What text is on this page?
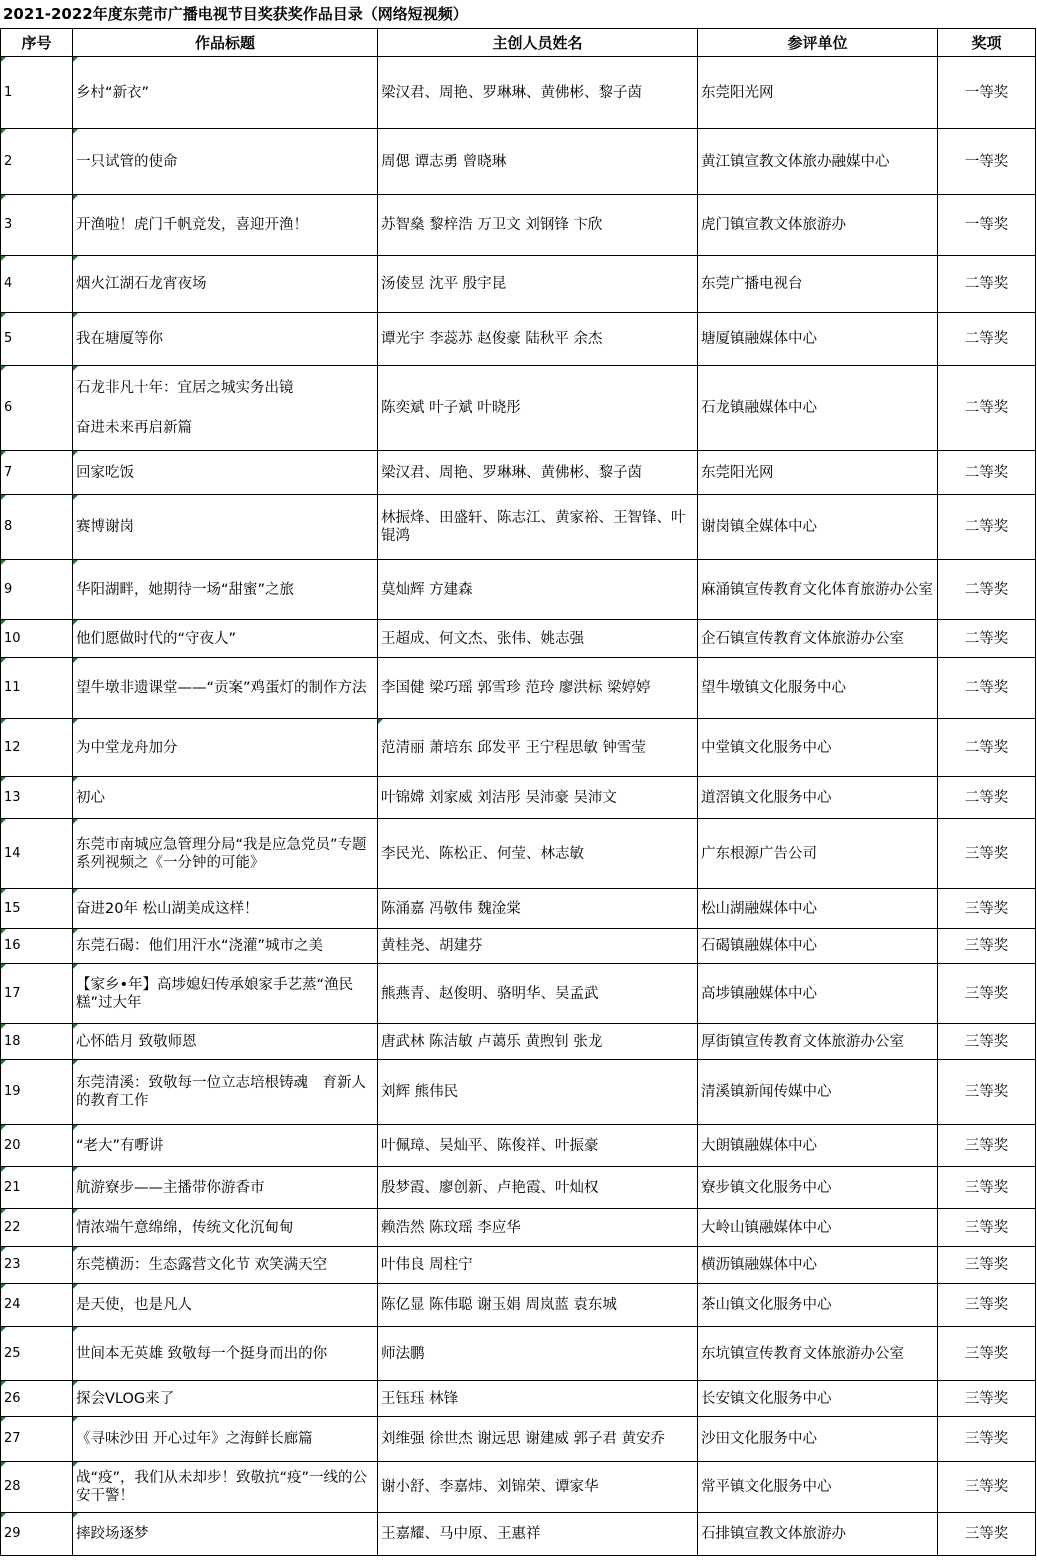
2021-2022年度东莞市广播电视节目奖获奖作品目录（网络短视频）
序号	作品标题	主创人员姓名	参评单位	奖项
1	乡村“新衣”	梁汉君、周艳、罗琳琳、黄佛彬、黎子茵	东莞阳光网	一等奖
2	一只试管的使命	周偲 谭志勇 曾晓琳	黄江镇宣教文体旅办融媒中心	一等奖
3	开渔啦！虎门千帆竞发，喜迎开渔！	苏智燊 黎梓浩 万卫文 刘钢锋 卞欣	虎门镇宣教文体旅游办	一等奖
4	烟火江湖石龙宵夜场	汤倰昱 沈平 殷宇昆	东莞广播电视台	二等奖
5	我在塘厦等你	谭光宇 李蕊苏 赵俊豪 陆秋平 余杰	塘厦镇融媒体中心	二等奖
6	石龙非凡十年：宜居之城实务出镜
奋进未来再启新篇	陈奕斌 叶子斌 叶晓彤	石龙镇融媒体中心	二等奖
7	回家吃饭	梁汉君、周艳、罗琳琳、黄佛彬、黎子茵	东莞阳光网	二等奖
8	赛博谢岗	林振烽、田盛轩、陈志江、黄家裕、王智锋、叶锟鸿	谢岗镇全媒体中心	二等奖
9	华阳湖畔，她期待一场“甜蜜”之旅	莫灿辉 方建森	麻涌镇宣传教育文化体育旅游办公室	二等奖
10	他们愿做时代的“守夜人”	王超成、何文杰、张伟、姚志强	企石镇宣传教育文体旅游办公室	二等奖
11	望牛墩非遗课堂——“贡案”鸡蛋灯的制作方法	李国健 梁巧瑶 郭雪珍 范玲 廖洪标 梁婷婷	望牛墩镇文化服务中心	二等奖
12	为中堂龙舟加分	范清丽 萧培东 邱发平 王宁程思敏 钟雪莹	中堂镇文化服务中心	二等奖
13	初心	叶锦嫦 刘家威 刘洁彤 吴沛豪 吴沛文	道滘镇文化服务中心	二等奖
14	东莞市南城应急管理分局“我是应急党员”专题系列视频之《一分钟的可能》	李民光、陈松正、何莹、林志敏	广东根源广告公司	三等奖
15	奋进20年 松山湖美成这样！	陈涌嘉 冯敬伟 魏淦棠	松山湖融媒体中心	三等奖
16	东莞石碣：他们用汗水“浇灌”城市之美	黄桂尧、胡建芬	石碣镇融媒体中心	三等奖
17	【家乡•年】高埗媳妇传承娘家手艺蒸“渔民糕”过大年	熊燕青、赵俊明、骆明华、吴孟武	高埗镇融媒体中心	三等奖
18	心怀皓月 致敬师恩	唐武林 陈洁敏 卢蔼乐 黄煦钊 张龙	厚街镇宣传教育文体旅游办公室	三等奖
19	东莞清溪：致敬每一位立志培根铸魂　育新人的教育工作	刘辉 熊伟民	清溪镇新闻传媒中心	三等奖
20	“老大”有嘢讲	叶佩璋、吴灿平、陈俊祥、叶振豪	大朗镇融媒体中心	三等奖
21	航游寮步——主播带你游香市	殷梦霞、廖创新、卢艳霞、叶灿权	寮步镇文化服务中心	三等奖
22	情浓端午意绵绵，传统文化沉甸甸	赖浩然 陈玟瑶 李应华	大岭山镇融媒体中心	三等奖
23	东莞横沥：生态露营文化节 欢笑满天空	叶伟良 周柱宁	横沥镇融媒体中心	三等奖
24	是天使，也是凡人	陈亿显 陈伟聪 谢玉娟 周岚蓝 袁东城	茶山镇文化服务中心	三等奖
25	世间本无英雄 致敬每一个挺身而出的你	师法鹏	东坑镇宣传教育文体旅游办公室	三等奖
26	探会VLOG来了	王钰珏 林锋	长安镇文化服务中心	三等奖
27	《寻味沙田 开心过年》之海鲜长廊篇	刘维强 徐世杰 谢远思 谢建威 郭子君 黄安乔	沙田文化服务中心	三等奖
28	战“疫”，我们从未却步！致敬抗“疫”一线的公安干警！	谢小舒、李嘉炜、刘锦荣、谭家华	常平镇文化服务中心	三等奖
29	摔跤场逐梦	王嘉耀、马中原、王惠祥	石排镇宣教文体旅游办	三等奖
